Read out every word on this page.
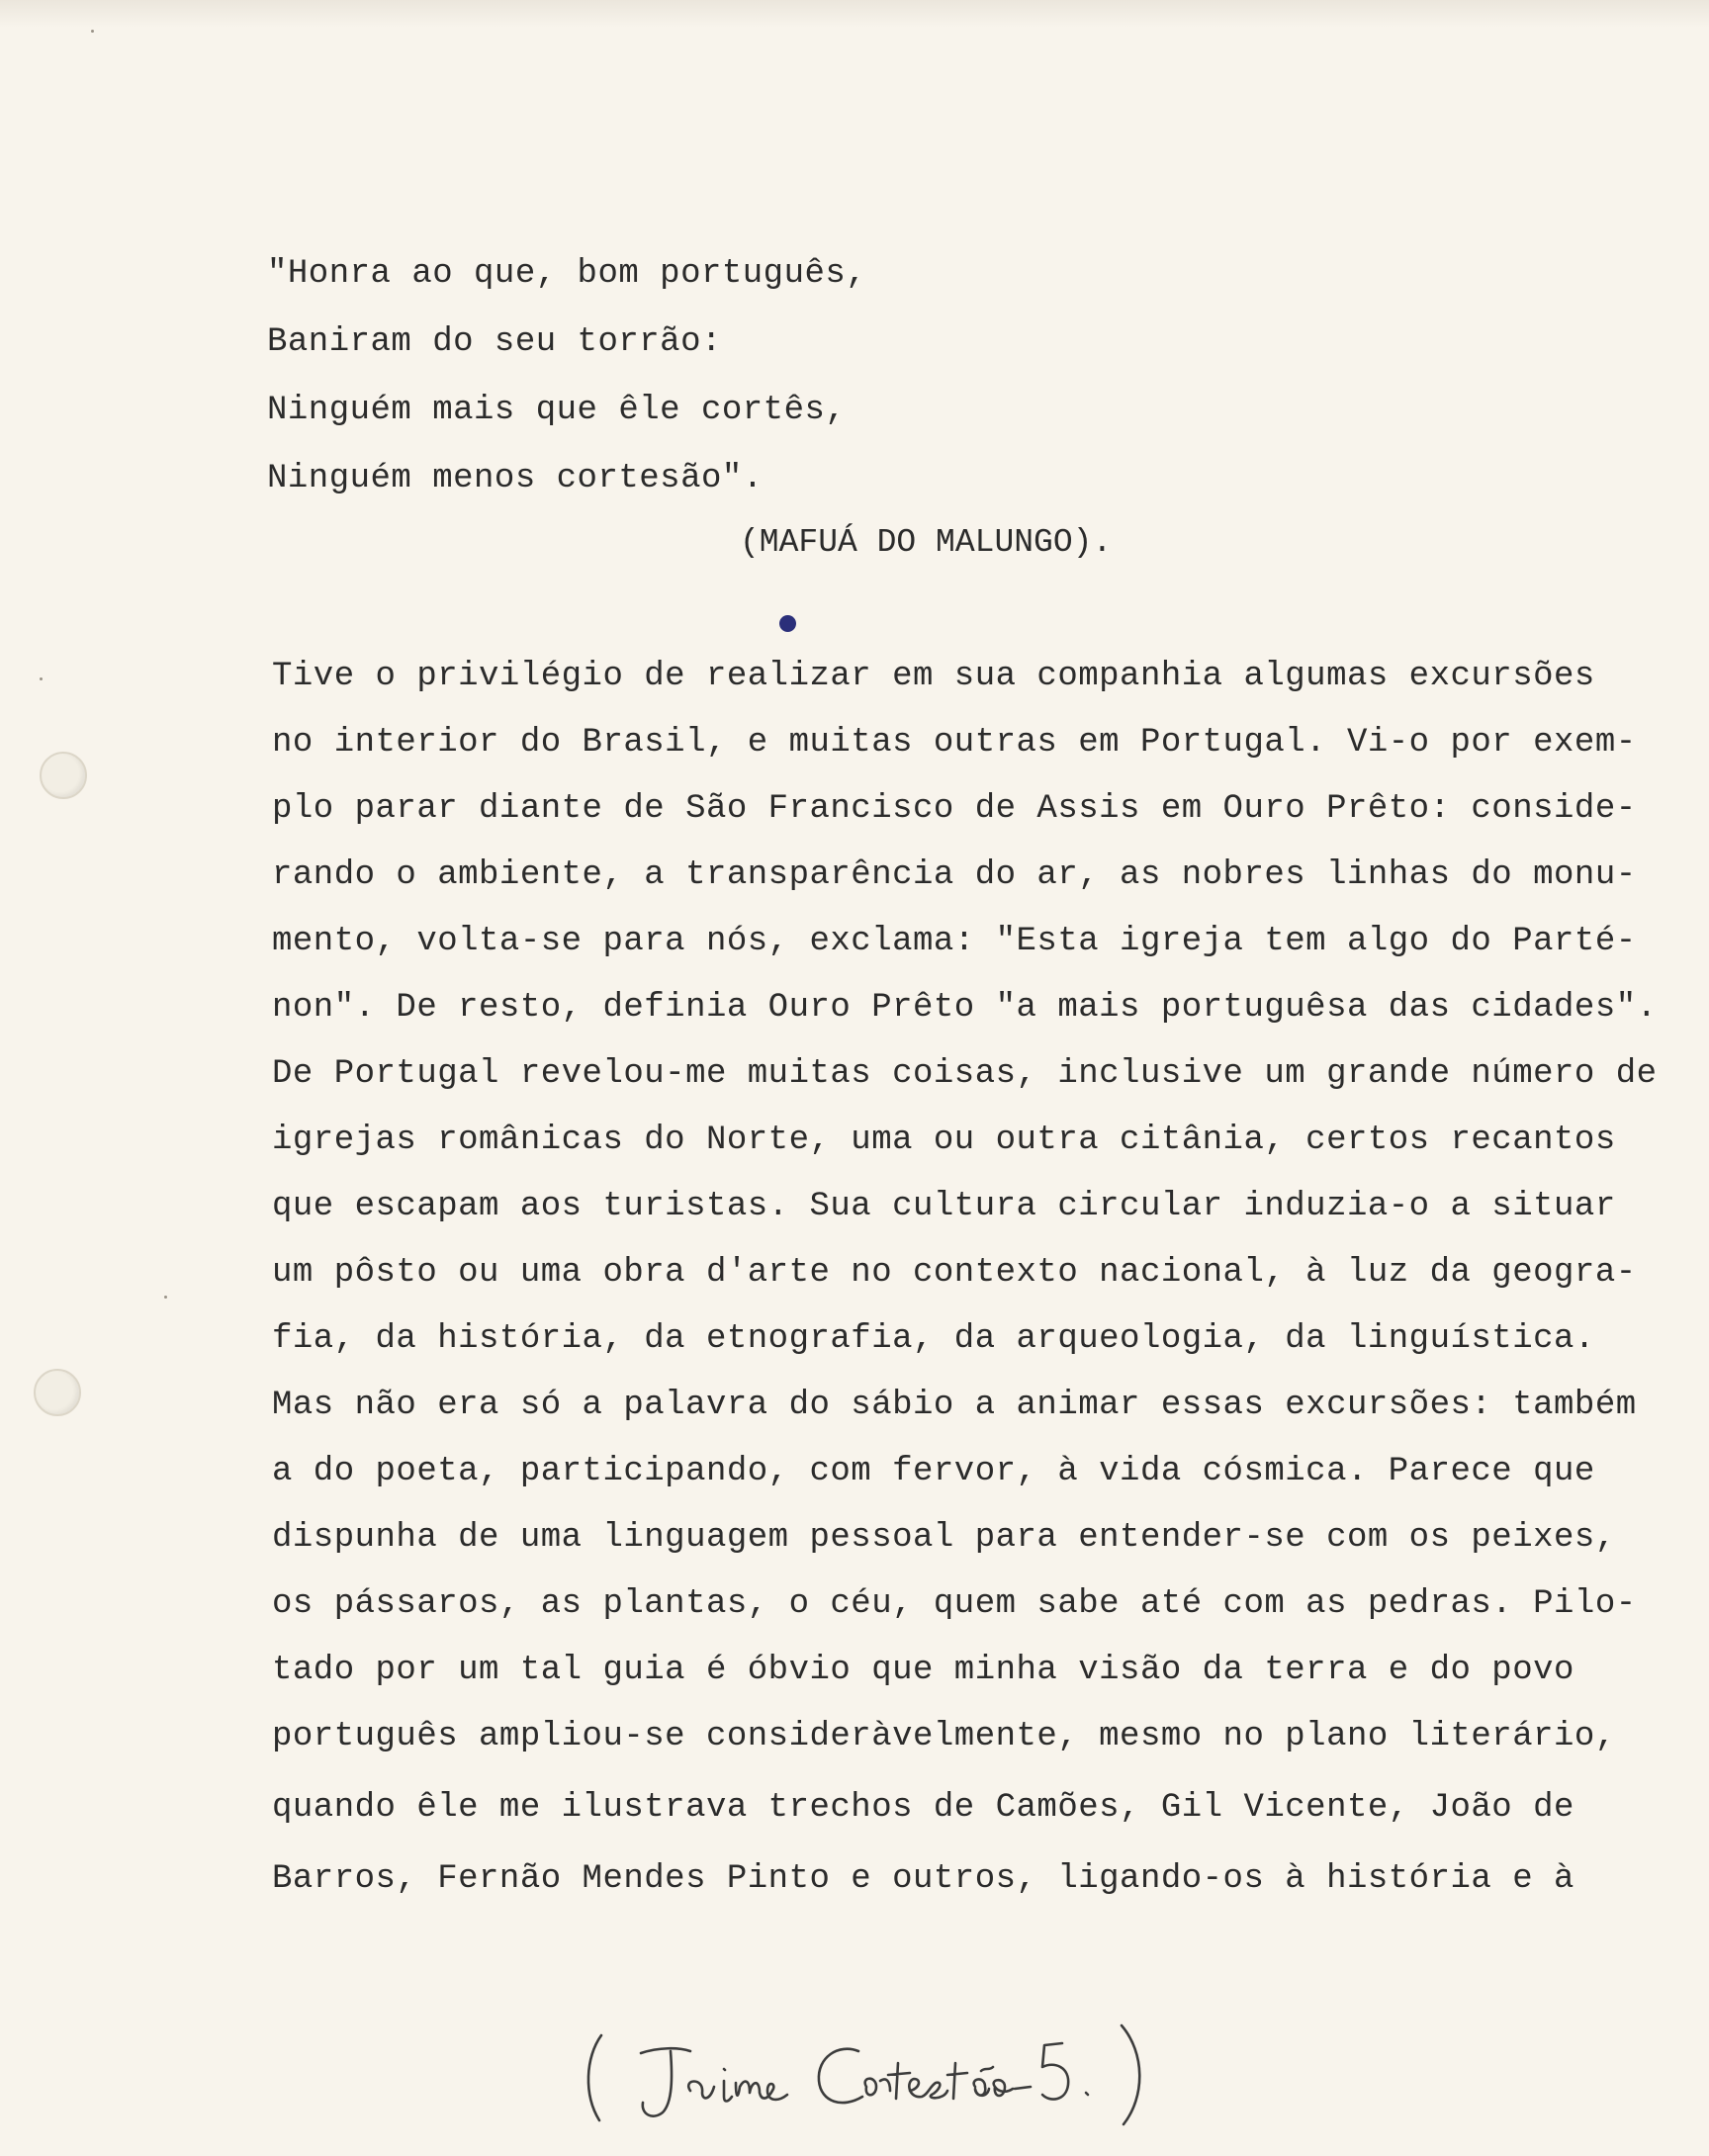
"Honra ao que, bom português,
Baniram do seu torrão:
Ninguém mais que êle cortês,
Ninguém menos cortesão".
(MAFUÁ DO MALUNGO).
Tive o privilégio de realizar em sua companhia algumas excursões
no interior do Brasil, e muitas outras em Portugal. Vi-o por exem-
plo parar diante de São Francisco de Assis em Ouro Prêto: conside-
rando o ambiente, a transparência do ar, as nobres linhas do monu-
mento, volta-se para nós, exclama: "Esta igreja tem algo do Parté-
non". De resto, definia Ouro Prêto "a mais portuguêsa das cidades".
De Portugal revelou-me muitas coisas, inclusive um grande número de
igrejas românicas do Norte, uma ou outra citânia, certos recantos
que escapam aos turistas. Sua cultura circular induzia-o a situar
um pôsto ou uma obra d'arte no contexto nacional, à luz da geogra-
fia, da história, da etnografia, da arqueologia, da linguística.
Mas não era só a palavra do sábio a animar essas excursões: também
a do poeta, participando, com fervor, à vida cósmica. Parece que
dispunha de uma linguagem pessoal para entender-se com os peixes,
os pássaros, as plantas, o céu, quem sabe até com as pedras. Pilo-
tado por um tal guia é óbvio que minha visão da terra e do povo
português ampliou-se consideràvelmente, mesmo no plano literário,
quando êle me ilustrava trechos de Camões, Gil Vicente, João de
Barros, Fernão Mendes Pinto e outros, ligando-os à história e à
